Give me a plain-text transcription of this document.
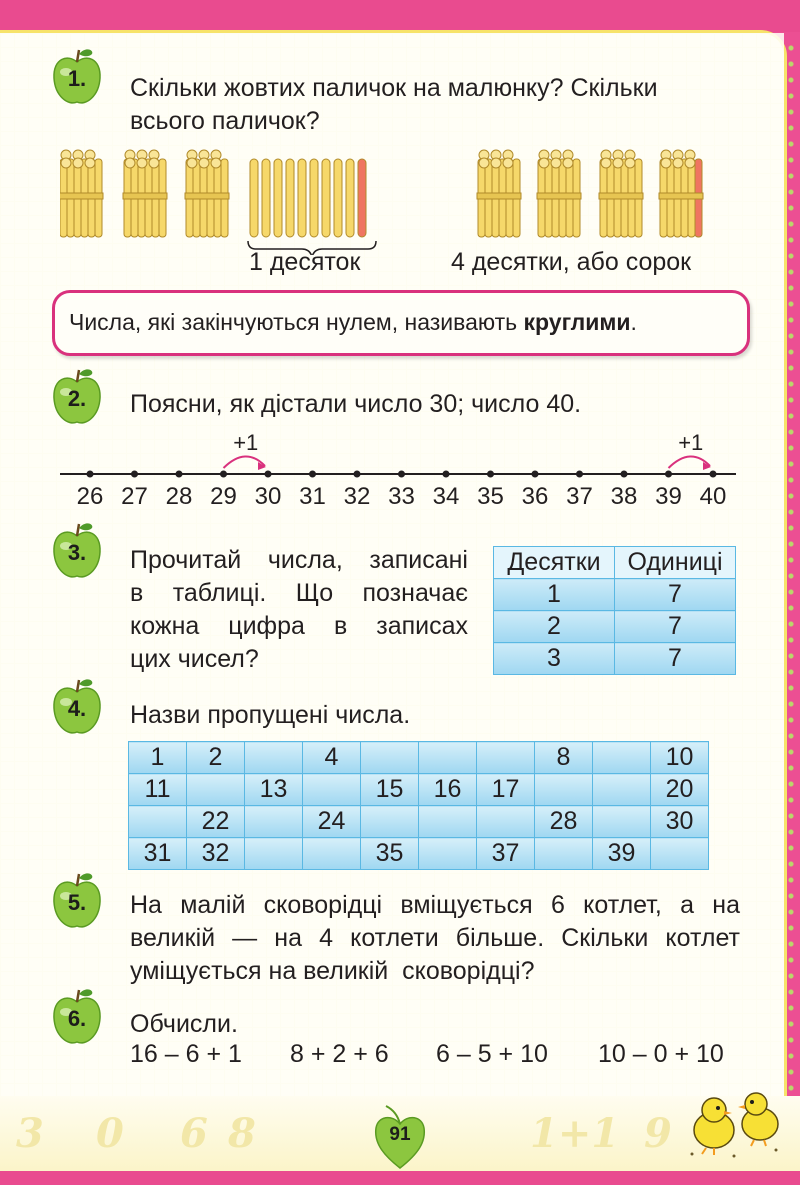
3 0 6 8	1+1 9
1.	Скільки жовтих паличок на малюнку? Скільки
всього паличок?
1 десяток	4 десятки, або сорок
Числа, які закінчуються нулем, називають круглими.
2.	Поясни, як дістали число 30; число 40.
26 27 28 29 30 31 32 33 34 35 36 37 38 39 40
+1	+1
3.	Прочитай числа, записані
в таблиці. Що позначає
кожна цифра в записах
цих чисел?
Десятки	Одиниці
1	7
2	7
3	7
4.	Назви пропущені числа.
1	2		4				8		10
11		13		15	16	17			20
	22		24				28		30
31	32			35		37		39	
5.	На малій сковорідці вміщується 6 котлет, а на
великій — на 4 котлети більше. Скільки котлет
уміщується на великій  сковорідці?
6.	Обчисли.
16 – 6 + 1 8 + 2 + 6 6 – 5 + 10 10 – 0 + 10
91
